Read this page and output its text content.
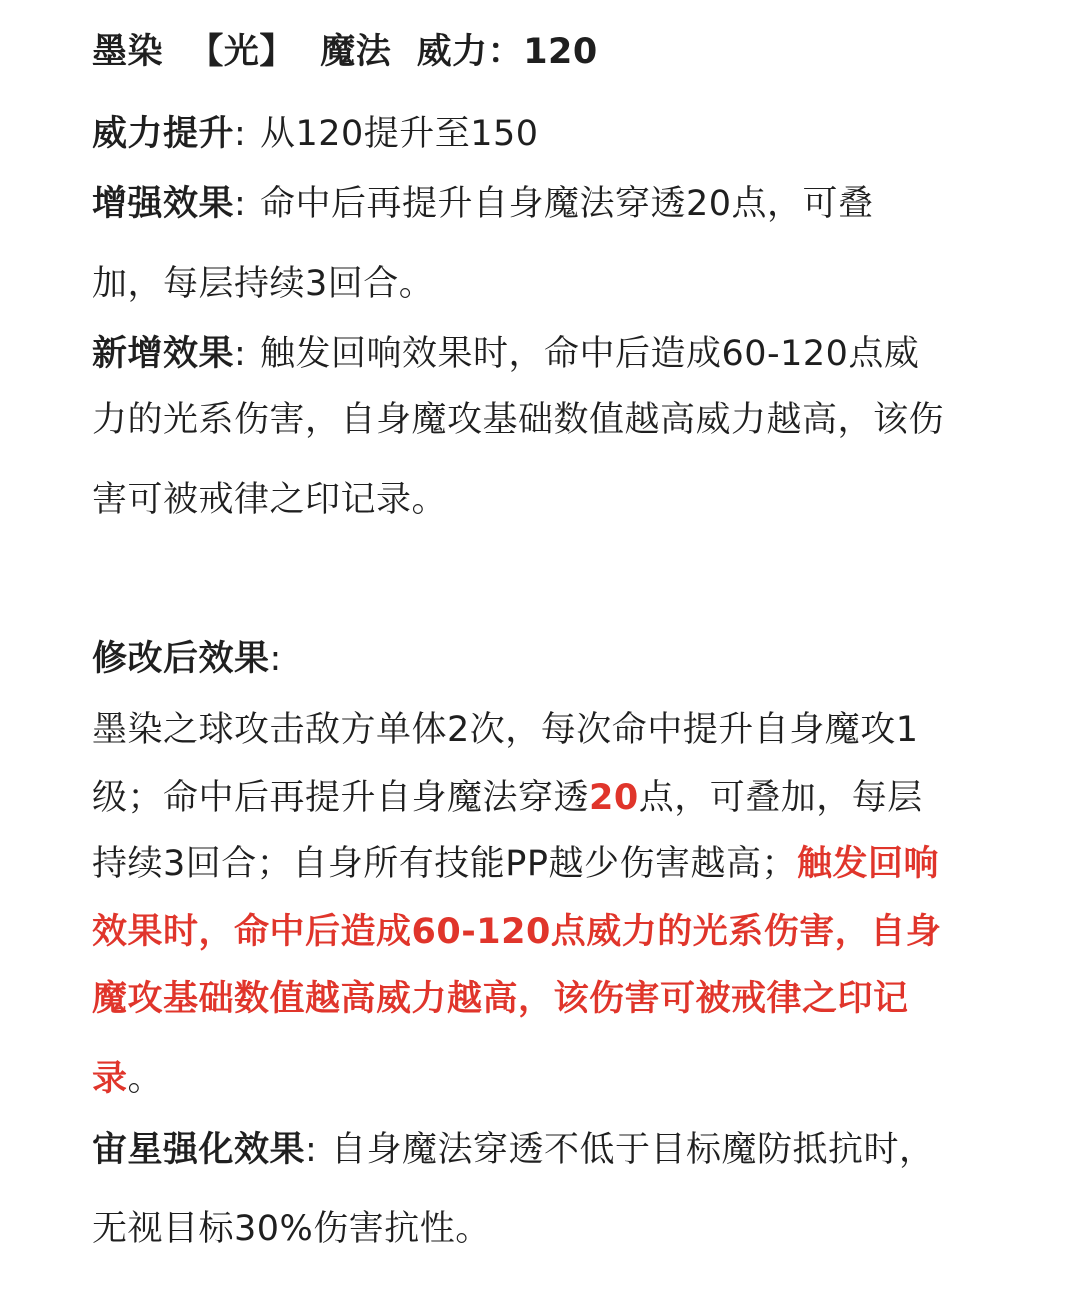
墨染 【光】 魔法 威力：120
威力提升: 从120提升至150
增强效果: 命中后再提升自身魔法穿透20点，可叠
加，每层持续3回合。
新增效果: 触发回响效果时，命中后造成60-120点威
力的光系伤害，自身魔攻基础数值越高威力越高，该伤
害可被戒律之印记录。
修改后效果:
墨染之球攻击敌方单体2次，每次命中提升自身魔攻1
级；命中后再提升自身魔法穿透20点，可叠加，每层
持续3回合；自身所有技能PP越少伤害越高；触发回响
效果时，命中后造成60-120点威力的光系伤害，自身
魔攻基础数值越高威力越高，该伤害可被戒律之印记
录。
宙星强化效果: 自身魔法穿透不低于目标魔防抵抗时，
无视目标30%伤害抗性。
